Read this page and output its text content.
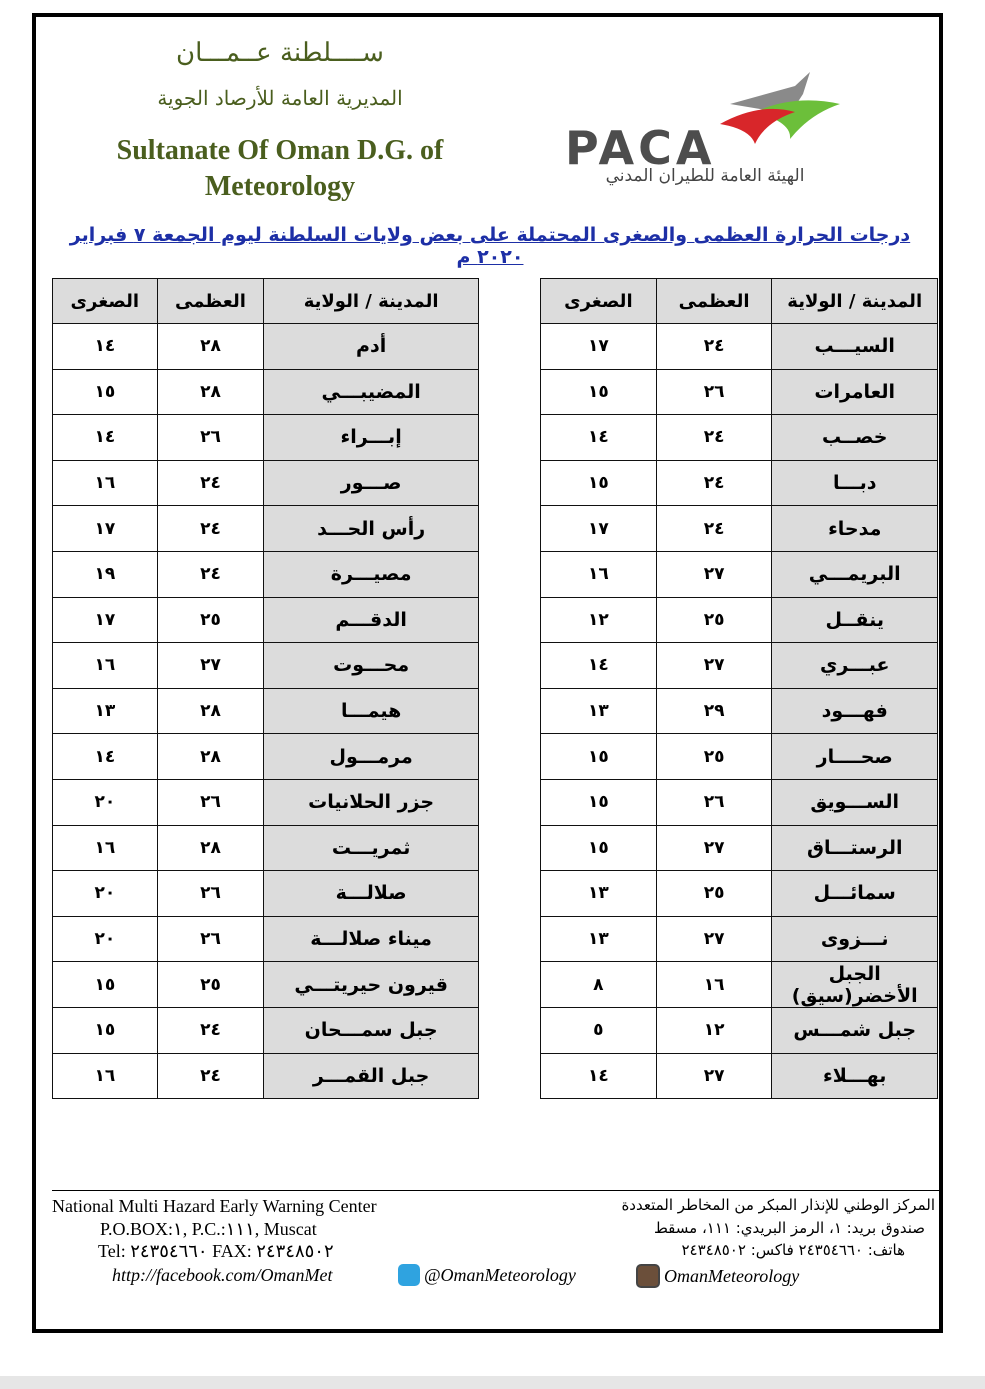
ســــلطنة عــمـــان
المديرية العامة للأرصاد الجوية
Sultanate Of Oman D.G. of
Meteorology
PACA
الهيئة العامة للطيران المدني
درجات الحرارة العظمى والصغرى المحتملة على بعض ولايات السلطنة ليوم الجمعة ٧ فبراير ٢٠٢٠ م
المدينة / الولاية	العظمى	الصغرى
السيـــب	٢٤	١٧
العامرات	٢٦	١٥
خصــب	٢٤	١٤
دبـــا	٢٤	١٥
مدحاء	٢٤	١٧
البريمـــي	٢٧	١٦
ينقــل	٢٥	١٢
عبـــري	٢٧	١٤
فهـــود	٢٩	١٣
صحــــار	٢٥	١٥
الســـويق	٢٦	١٥
الرستـــاق	٢٧	١٥
سمائـــل	٢٥	١٣
نـــزوى	٢٧	١٣
الجبل الأخضر(سيق)	١٦	٨
جبل شمـــس	١٢	٥
بهـــلاء	٢٧	١٤
المدينة / الولاية	العظمى	الصغرى
أدم	٢٨	١٤
المضيبـــي	٢٨	١٥
إبـــراء	٢٦	١٤
صـــور	٢٤	١٦
رأس الحـــد	٢٤	١٧
مصيـــرة	٢٤	١٩
الدقـــم	٢٥	١٧
محـــوت	٢٧	١٦
هيمـــا	٢٨	١٣
مرمـــول	٢٨	١٤
جزر الحلانيات	٢٦	٢٠
ثمريـــت	٢٨	١٦
صلالـــة	٢٦	٢٠
ميناء صلالـــة	٢٦	٢٠
قيرون حيريتـــي	٢٥	١٥
جبل سمـــحان	٢٤	١٥
جبل القمـــر	٢٤	١٦
National Multi Hazard Early Warning Center
P.O.BOX:١, P.C.:١١١, Muscat
Tel: ٢٤٣٥٤٦٦٠ FAX: ٢٤٣٤٨٥٠٢
المركز الوطني للإنذار المبكر من المخاطر المتعددة
صندوق بريد: ١، الرمز البريدي: ١١١، مسقط
هاتف: ٢٤٣٥٤٦٦٠ فاكس: ٢٤٣٤٨٥٠٢
http://facebook.com/OmanMet	@OmanMeteorology	OmanMeteorology
